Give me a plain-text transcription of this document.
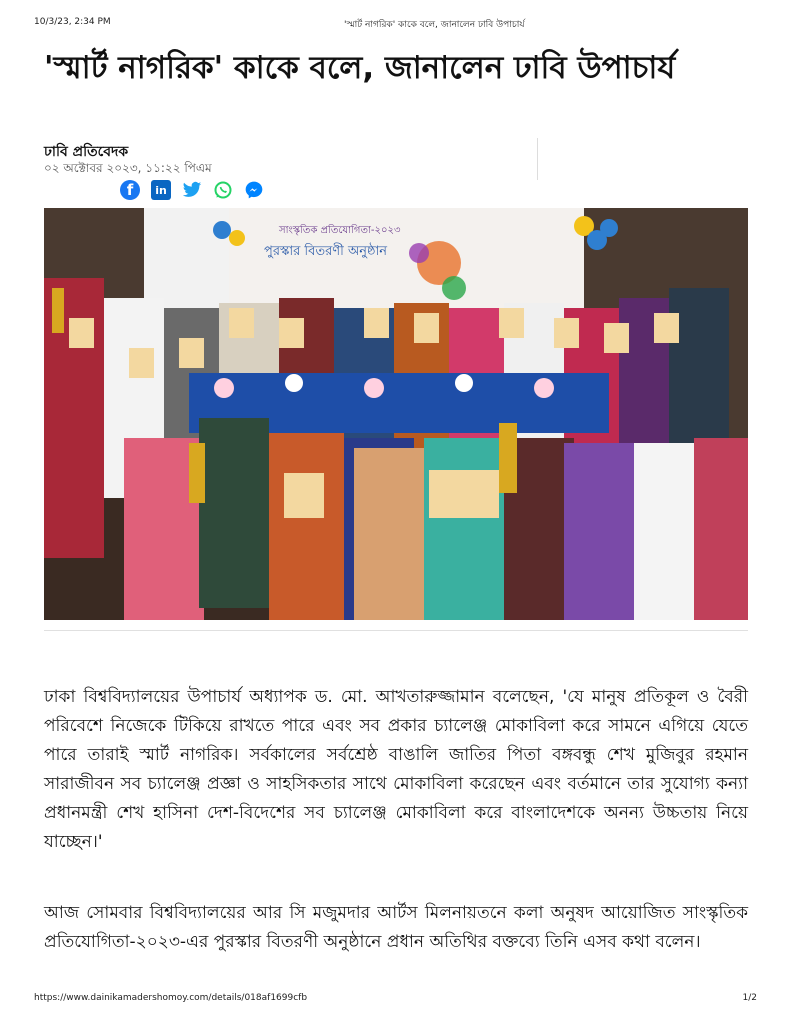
10/3/23, 2:34 PM	'স্মার্ট নাগরিক' কাকে বলে, জানালেন ঢাবি উপাচার্য
'স্মার্ট নাগরিক' কাকে বলে, জানালেন ঢাবি উপাচার্য
ঢাবি প্রতিবেদক
০২ অক্টোবর ২০২৩, ১১:২২ পিএম
f	in
সাংস্কৃতিক প্রতিযোগিতা-২০২৩
পুরস্কার বিতরণী অনুষ্ঠান

ঢাকা বিশ্ববিদ্যালয়ের উপাচার্য অধ্যাপক ড. মো. আখতারুজ্জামান বলেছেন, 'যে মানুষ প্রতিকূল ও বৈরী পরিবেশে নিজেকে টিকিয়ে রাখতে পারে এবং সব প্রকার চ্যালেঞ্জ মোকাবিলা করে সামনে এগিয়ে যেতে পারে তারাই স্মার্ট নাগরিক। সর্বকালের সর্বশ্রেষ্ঠ বাঙালি জাতির পিতা বঙ্গবন্ধু শেখ মুজিবুর রহমান সারাজীবন সব চ্যালেঞ্জ প্রজ্ঞা ও সাহসিকতার সাথে মোকাবিলা করেছেন এবং বর্তমানে তার সুযোগ্য কন্যা প্রধানমন্ত্রী শেখ হাসিনা দেশ-বিদেশের সব চ্যালেঞ্জ মোকাবিলা করে বাংলাদেশকে অনন্য উচ্চতায় নিয়ে যাচ্ছেন।'

আজ সোমবার বিশ্ববিদ্যালয়ের আর সি মজুমদার আর্টস মিলনায়তনে কলা অনুষদ আয়োজিত সাংস্কৃতিক প্রতিযোগিতা-২০২৩-এর পুরস্কার বিতরণী অনুষ্ঠানে প্রধান অতিথির বক্তব্যে তিনি এসব কথা বলেন।

https://www.dainikamadershomoy.com/details/018af1699cfb	1/2
